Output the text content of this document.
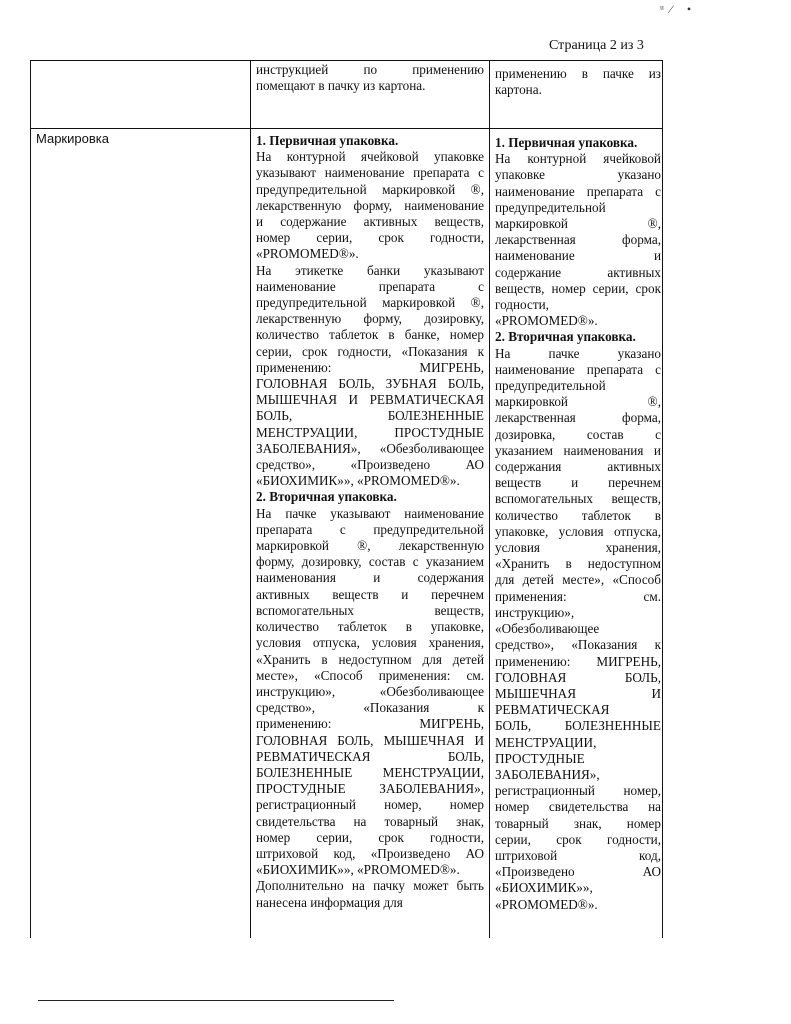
ᵘ⁄ •
Страница 2 из 3

инструкцией по применению

помещают в пачку из картона.

применению в пачке из

картона.

Маркировка	1. Первичная упаковка.

На контурной ячейковой упаковке

указывают наименование препарата с

предупредительной маркировкой ®,

лекарственную форму, наименование

и содержание активных веществ,

номер серии, срок годности,

«PROMOMED®».

На этикетке банки указывают

наименование препарата с

предупредительной маркировкой ®,

лекарственную форму, дозировку,

количество таблеток в банке, номер

серии, срок годности, «Показания к

применению: МИГРЕНЬ,

ГОЛОВНАЯ БОЛЬ, ЗУБНАЯ БОЛЬ,

МЫШЕЧНАЯ И РЕВМАТИЧЕСКАЯ

БОЛЬ, БОЛЕЗНЕННЫЕ

МЕНСТРУАЦИИ, ПРОСТУДНЫЕ

ЗАБОЛЕВАНИЯ», «Обезболивающее

средство», «Произведено АО

«БИОХИМИК»», «PROMOMED®».

2. Вторичная упаковка.

На пачке указывают наименование

препарата с предупредительной

маркировкой ®, лекарственную

форму, дозировку, состав с указанием

наименования и содержания

активных веществ и перечнем

вспомогательных веществ,

количество таблеток в упаковке,

условия отпуска, условия хранения,

«Хранить в недоступном для детей

месте», «Способ применения: см.

инструкцию», «Обезболивающее

средство», «Показания к

применению: МИГРЕНЬ,

ГОЛОВНАЯ БОЛЬ, МЫШЕЧНАЯ И

РЕВМАТИЧЕСКАЯ БОЛЬ,

БОЛЕЗНЕННЫЕ МЕНСТРУАЦИИ,

ПРОСТУДНЫЕ ЗАБОЛЕВАНИЯ»,

регистрационный номер, номер

свидетельства на товарный знак,

номер серии, срок годности,

штриховой код, «Произведено АО

«БИОХИМИК»», «PROMOMED®».

Дополнительно на пачку может быть

нанесена информация для

1. Первичная упаковка.

На контурной ячейковой

упаковке указано

наименование препарата с

предупредительной

маркировкой ®,

лекарственная форма,

наименование и

содержание активных

веществ, номер серии, срок

годности,

«PROMOMED®».

2. Вторичная упаковка.

На пачке указано

наименование препарата с

предупредительной

маркировкой ®,

лекарственная форма,

дозировка, состав с

указанием наименования и

содержания активных

веществ и перечнем

вспомогательных веществ,

количество таблеток в

упаковке, условия отпуска,

условия хранения,

«Хранить в недоступном

для детей месте», «Способ

применения: см.

инструкцию»,

«Обезболивающее

средство», «Показания к

применению: МИГРЕНЬ,

ГОЛОВНАЯ БОЛЬ,

МЫШЕЧНАЯ И

РЕВМАТИЧЕСКАЯ

БОЛЬ, БОЛЕЗНЕННЫЕ

МЕНСТРУАЦИИ,

ПРОСТУДНЫЕ

ЗАБОЛЕВАНИЯ»,

регистрационный номер,

номер свидетельства на

товарный знак, номер

серии, срок годности,

штриховой код,

«Произведено АО

«БИОХИМИК»»,

«PROMOMED®».
